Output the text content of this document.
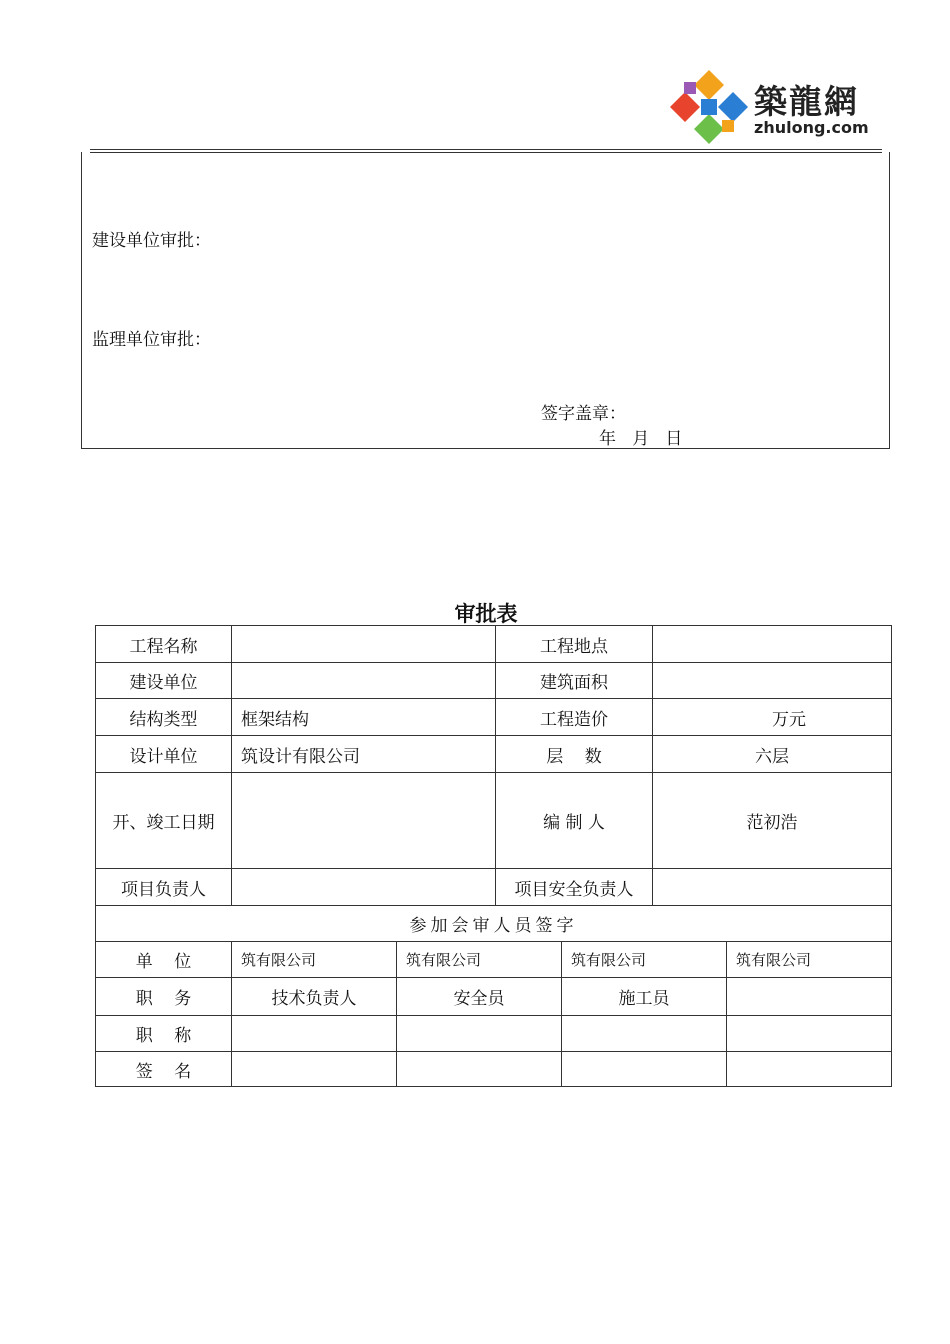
築龍網
zhulong.com
建设单位审批：
监理单位审批：
签字盖章：
年   月   日
审批表
工程名称			工程地点			
建设单位			建筑面积			
结构类型	框架结构		工程造价		万元	
设计单位	筑设计有限公司		层    数		六层	
开、竣工日期			编 制 人		范初浩	
项目负责人			项目安全负责人			
参加会审人员签字						
单    位	筑有限公司	筑有限公司		筑有限公司		筑有限公司
职    务	技术负责人	安全员		施工员		
职    称						
签    名						
